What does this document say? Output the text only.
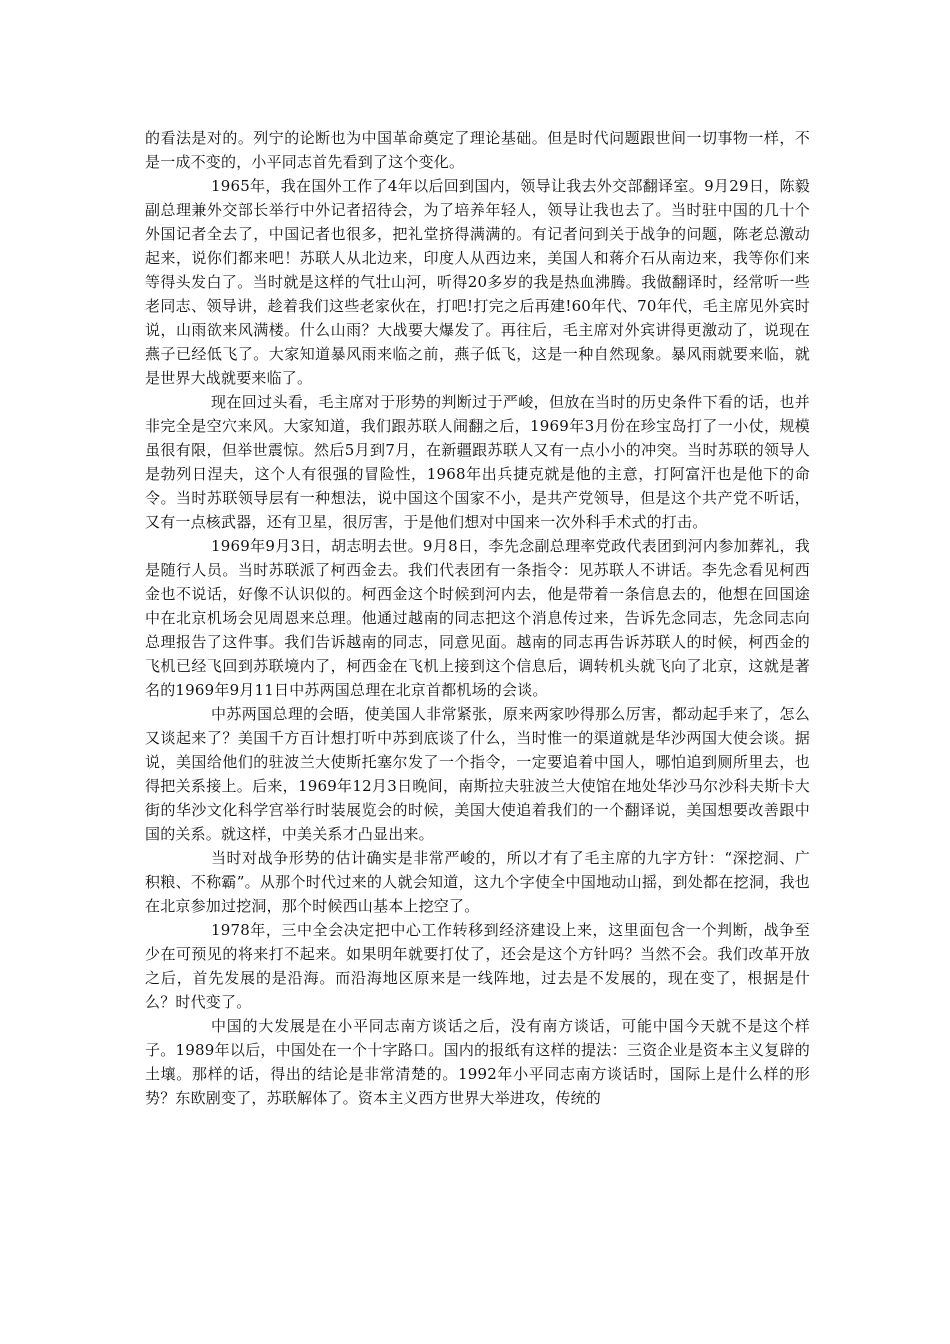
的看法是对的。列宁的论断也为中国革命奠定了理论基础。但是时代问题跟世间一切事物一样，不是一成不变的，小平同志首先看到了这个变化。

1965年，我在国外工作了4年以后回到国内，领导让我去外交部翻译室。9月29日，陈毅副总理兼外交部长举行中外记者招待会，为了培养年轻人，领导让我也去了。当时驻中国的几十个外国记者全去了，中国记者也很多，把礼堂挤得满满的。有记者问到关于战争的问题，陈老总激动起来，说你们都来吧！苏联人从北边来，印度人从西边来，美国人和蒋介石从南边来，我等你们来等得头发白了。当时就是这样的气壮山河，听得20多岁的我是热血沸腾。我做翻译时，经常听一些老同志、领导讲，趁着我们这些老家伙在，打吧!打完之后再建!60年代、70年代，毛主席见外宾时说，山雨欲来风满楼。什么山雨？大战要大爆发了。再往后，毛主席对外宾讲得更激动了，说现在燕子已经低飞了。大家知道暴风雨来临之前，燕子低飞，这是一种自然现象。暴风雨就要来临，就是世界大战就要来临了。

现在回过头看，毛主席对于形势的判断过于严峻，但放在当时的历史条件下看的话，也并非完全是空穴来风。大家知道，我们跟苏联人闹翻之后，1969年3月份在珍宝岛打了一小仗，规模虽很有限，但举世震惊。然后5月到7月，在新疆跟苏联人又有一点小小的冲突。当时苏联的领导人是勃列日涅夫，这个人有很强的冒险性，1968年出兵捷克就是他的主意，打阿富汗也是他下的命令。当时苏联领导层有一种想法，说中国这个国家不小，是共产党领导，但是这个共产党不听话，又有一点核武器，还有卫星，很厉害，于是他们想对中国来一次外科手术式的打击。

1969年9月3日，胡志明去世。9月8日，李先念副总理率党政代表团到河内参加葬礼，我是随行人员。当时苏联派了柯西金去。我们代表团有一条指令：见苏联人不讲话。李先念看见柯西金也不说话，好像不认识似的。柯西金这个时候到河内去，他是带着一条信息去的，他想在回国途中在北京机场会见周恩来总理。他通过越南的同志把这个消息传过来，告诉先念同志，先念同志向总理报告了这件事。我们告诉越南的同志，同意见面。越南的同志再告诉苏联人的时候，柯西金的飞机已经飞回到苏联境内了，柯西金在飞机上接到这个信息后，调转机头就飞向了北京，这就是著名的1969年9月11日中苏两国总理在北京首都机场的会谈。

中苏两国总理的会晤，使美国人非常紧张，原来两家吵得那么厉害，都动起手来了，怎么又谈起来了？美国千方百计想打听中苏到底谈了什么，当时惟一的渠道就是华沙两国大使会谈。据说，美国给他们的驻波兰大使斯托塞尔发了一个指令，一定要追着中国人，哪怕追到厕所里去，也得把关系接上。后来，1969年12月3日晚间，南斯拉夫驻波兰大使馆在地处华沙马尔沙科夫斯卡大街的华沙文化科学宫举行时装展览会的时候，美国大使追着我们的一个翻译说，美国想要改善跟中国的关系。就这样，中美关系才凸显出来。

当时对战争形势的估计确实是非常严峻的，所以才有了毛主席的九字方针：“深挖洞、广积粮、不称霸”。从那个时代过来的人就会知道，这九个字使全中国地动山摇，到处都在挖洞，我也在北京参加过挖洞，那个时候西山基本上挖空了。

1978年，三中全会决定把中心工作转移到经济建设上来，这里面包含一个判断，战争至少在可预见的将来打不起来。如果明年就要打仗了，还会是这个方针吗？当然不会。我们改革开放之后，首先发展的是沿海。而沿海地区原来是一线阵地，过去是不发展的，现在变了，根据是什么？时代变了。

中国的大发展是在小平同志南方谈话之后，没有南方谈话，可能中国今天就不是这个样子。1989年以后，中国处在一个十字路口。国内的报纸有这样的提法：三资企业是资本主义复辟的土壤。那样的话，得出的结论是非常清楚的。1992年小平同志南方谈话时，国际上是什么样的形势？东欧剧变了，苏联解体了。资本主义西方世界大举进攻，传统的
